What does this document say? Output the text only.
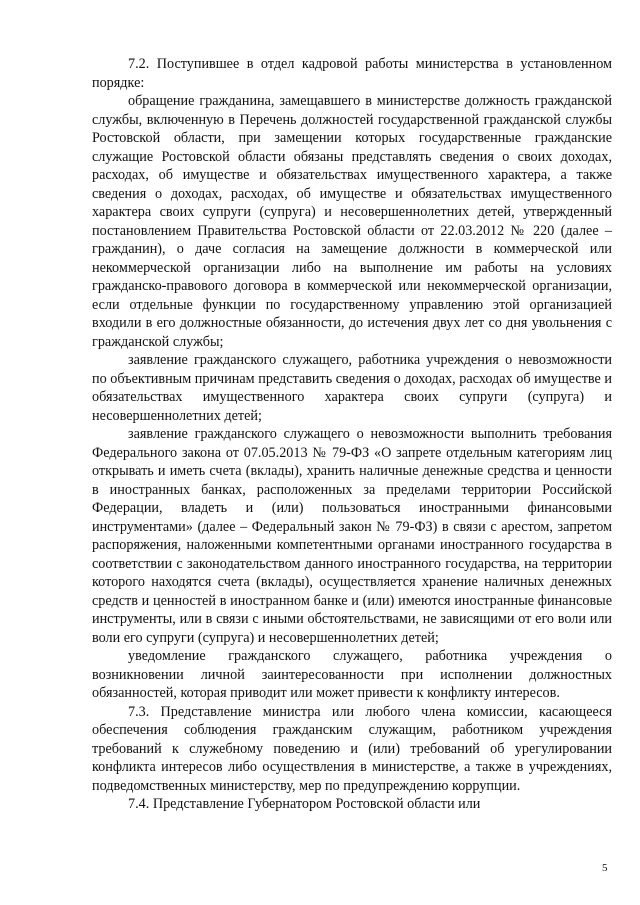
7.2. Поступившее в отдел кадровой работы министерства в установленном порядке:

обращение гражданина, замещавшего в министерстве должность гражданской службы, включенную в Перечень должностей государственной гражданской службы Ростовской области, при замещении которых государственные гражданские служащие Ростовской области обязаны представлять сведения о своих доходах, расходах, об имуществе и обязательствах имущественного характера, а также сведения о доходах, расходах, об имуществе и обязательствах имущественного характера своих супруги (супруга) и несовершеннолетних детей, утвержденный постановлением Правительства Ростовской области от 22.03.2012 № 220 (далее – гражданин), о даче согласия на замещение должности в коммерческой или некоммерческой организации либо на выполнение им работы на условиях гражданско-правового договора в коммерческой или некоммерческой организации, если отдельные функции по государственному управлению этой организацией входили в его должностные обязанности, до истечения двух лет со дня увольнения с гражданской службы;

заявление гражданского служащего, работника учреждения о невозможности по объективным причинам представить сведения о доходах, расходах об имуществе и обязательствах имущественного характера своих супруги (супруга) и несовершеннолетних детей;

заявление гражданского служащего о невозможности выполнить требования Федерального закона от 07.05.2013 № 79-ФЗ «О запрете отдельным категориям лиц открывать и иметь счета (вклады), хранить наличные денежные средства и ценности в иностранных банках, расположенных за пределами территории Российской Федерации, владеть и (или) пользоваться иностранными финансовыми инструментами» (далее – Федеральный закон № 79-ФЗ) в связи с арестом, запретом распоряжения, наложенными компетентными органами иностранного государства в соответствии с законодательством данного иностранного государства, на территории которого находятся счета (вклады), осуществляется хранение наличных денежных средств и ценностей в иностранном банке и (или) имеются иностранные финансовые инструменты, или в связи с иными обстоятельствами, не зависящими от его воли или воли его супруги (супруга) и несовершеннолетних детей;

уведомление гражданского служащего, работника учреждения о возникновении личной заинтересованности при исполнении должностных обязанностей, которая приводит или может привести к конфликту интересов.

7.3. Представление министра или любого члена комиссии, касающееся обеспечения соблюдения гражданским служащим, работником учреждения требований к служебному поведению и (или) требований об урегулировании конфликта интересов либо осуществления в министерстве, а также в учреждениях, подведомственных министерству, мер по предупреждению коррупции.

7.4. Представление Губернатором Ростовской области или

5
